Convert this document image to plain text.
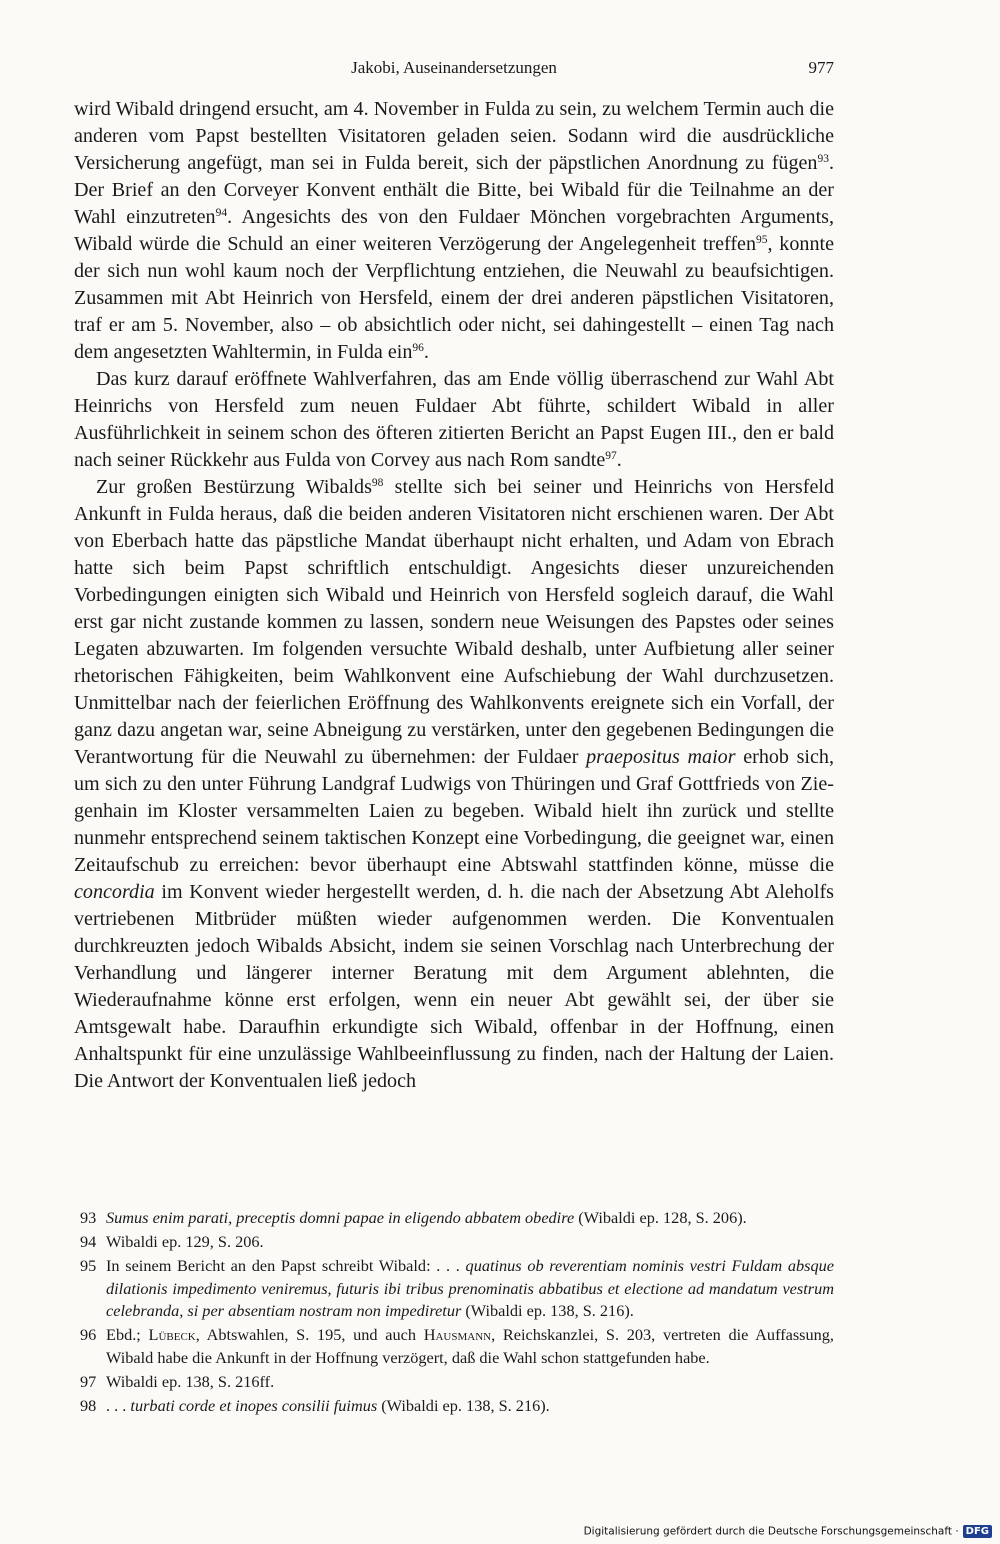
Jakobi, Auseinandersetzungen	977

wird Wibald dringend ersucht, am 4. November in Fulda zu sein, zu welchem Termin auch die anderen vom Papst bestellten Visitatoren geladen seien. Sodann wird die ausdrückliche Versicherung angefügt, man sei in Fulda bereit, sich der päpstlichen Anordnung zu fügen$^{93}$. Der Brief an den Corveyer Konvent enthält die Bitte, bei Wibald für die Teilnahme an der Wahl einzutreten$^{94}$. Angesichts des von den Fuldaer Mönchen vorgebrachten Arguments, Wibald würde die Schuld an einer weiteren Verzögerung der Angelegenheit treffen$^{95}$, konnte der sich nun wohl kaum noch der Verpflichtung entziehen, die Neuwahl zu beaufsichtigen. Zusammen mit Abt Heinrich von Hersfeld, einem der drei anderen päpstlichen Visitatoren, traf er am 5. November, also – ob absichtlich oder nicht, sei dahingestellt – einen Tag nach dem angesetzten Wahltermin, in Fulda ein$^{96}$.

Das kurz darauf eröffnete Wahlverfahren, das am Ende völlig überraschend zur Wahl Abt Heinrichs von Hersfeld zum neuen Fuldaer Abt führte, schildert Wibald in aller Ausführlichkeit in seinem schon des öfteren zitierten Bericht an Papst Eugen III., den er bald nach seiner Rückkehr aus Fulda von Corvey aus nach Rom sandte$^{97}$.

Zur großen Bestürzung Wibalds$^{98}$ stellte sich bei seiner und Heinrichs von Hersfeld Ankunft in Fulda heraus, daß die beiden anderen Visitatoren nicht erschienen waren. Der Abt von Eberbach hatte das päpstliche Mandat überhaupt nicht erhalten, und Adam von Ebrach hatte sich beim Papst schriftlich entschuldigt. Angesichts dieser unzureichenden Vorbedingungen einigten sich Wibald und Heinrich von Hersfeld sogleich darauf, die Wahl erst gar nicht zustande kommen zu lassen, sondern neue Weisungen des Papstes oder seines Legaten abzuwarten. Im folgenden versuchte Wibald deshalb, unter Aufbietung aller seiner rhetorischen Fähigkeiten, beim Wahlkonvent eine Aufschiebung der Wahl durchzusetzen. Unmittelbar nach der feierlichen Eröffnung des Wahlkonvents ereignete sich ein Vorfall, der ganz dazu angetan war, seine Abneigung zu verstärken, unter den gegebenen Bedingungen die Verantwortung für die Neuwahl zu übernehmen: der Fuldaer praepositus maior erhob sich, um sich zu den unter Führung Landgraf Ludwigs von Thüringen und Graf Gottfrieds von Ziegenhain im Kloster versammelten Laien zu begeben. Wibald hielt ihn zurück und stellte nunmehr entsprechend seinem taktischen Konzept eine Vorbedingung, die geeignet war, einen Zeitaufschub zu erreichen: bevor überhaupt eine Abtswahl stattfinden könne, müsse die concordia im Konvent wieder hergestellt werden, d. h. die nach der Absetzung Abt Aleholfs vertriebenen Mitbrüder müßten wieder aufgenommen werden. Die Konventualen durchkreuzten jedoch Wibalds Absicht, indem sie seinen Vorschlag nach Unterbrechung der Verhandlung und längerer interner Beratung mit dem Argument ablehnten, die Wiederaufnahme könne erst erfolgen, wenn ein neuer Abt gewählt sei, der über sie Amtsgewalt habe. Daraufhin erkundigte sich Wibald, offenbar in der Hoffnung, einen Anhaltspunkt für eine unzulässige Wahlbeeinflussung zu finden, nach der Haltung der Laien. Die Antwort der Konventualen ließ jedoch

93 Sumus enim parati, preceptis domni papae in eligendo abbatem obedire (Wibaldi ep. 128, S. 206).
94 Wibaldi ep. 129, S. 206.
95 In seinem Bericht an den Papst schreibt Wibald: . . . quatinus ob reverentiam nominis vestri Fuldam absque dilationis impedimento veniremus, futuris ibi tribus prenominatis abbatibus et electione ad mandatum vestrum celebranda, si per absentiam nostram non impediretur (Wibaldi ep. 138, S. 216).
96 Ebd.; Lübeck, Abtswahlen, S. 195, und auch Hausmann, Reichskanzlei, S. 203, vertreten die Auffassung, Wibald habe die Ankunft in der Hoffnung verzögert, daß die Wahl schon stattgefunden habe.
97 Wibaldi ep. 138, S. 216ff.
98 . . . turbati corde et inopes consilii fuimus (Wibaldi ep. 138, S. 216).
Digitalisierung gefördert durch die Deutsche Forschungsgemeinschaft · DFG
